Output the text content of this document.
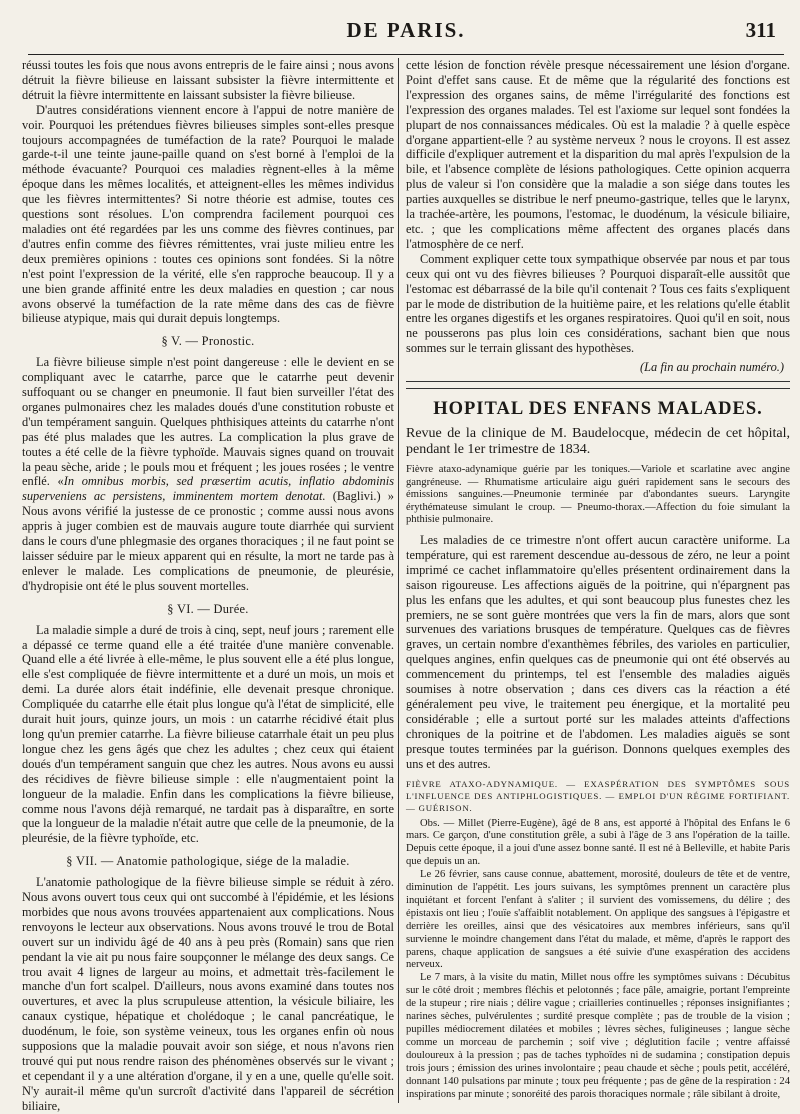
DE PARIS.	311

réussi toutes les fois que nous avons entrepris de le faire ainsi ; nous avons détruit la fièvre bilieuse en laissant subsister la fièvre intermittente et détruit la fièvre intermittente en laissant subsister la fièvre bilieuse.

D'autres considérations viennent encore à l'appui de notre manière de voir. Pourquoi les prétendues fièvres bilieuses simples sont-elles presque toujours accompagnées de tuméfaction de la rate? Pourquoi le malade garde-t-il une teinte jaune-paille quand on s'est borné à l'emploi de la méthode évacuante? Pourquoi ces maladies règnent-elles à la même époque dans les mêmes localités, et atteignent-elles les mêmes individus que les fièvres intermittentes? Si notre théorie est admise, toutes ces questions sont résolues. L'on comprendra facilement pourquoi ces maladies ont été regardées par les uns comme des fièvres continues, par d'autres enfin comme des fièvres rémittentes, vrai juste milieu entre les deux premières opinions : toutes ces opinions sont fondées. Si la nôtre n'est point l'expression de la vérité, elle s'en rapproche beaucoup. Il y a une bien grande affinité entre les deux maladies en question ; car nous avons observé la tuméfaction de la rate même dans des cas de fièvre bilieuse atypique, mais qui durait depuis longtemps.

§ V. — Pronostic.

La fièvre bilieuse simple n'est point dangereuse : elle le devient en se compliquant avec le catarrhe, parce que le catarrhe peut devenir suffoquant ou se changer en pneumonie. Il faut bien surveiller l'état des organes pulmonaires chez les malades doués d'une constitution robuste et d'un tempérament sanguin. Quelques phthisiques atteints du catarrhe n'ont pas été plus malades que les autres. La complication la plus grave de toutes a été celle de la fièvre typhoïde. Mauvais signes quand on trouvait la peau sèche, aride ; le pouls mou et fréquent ; les joues rosées ; le ventre enflé. «In omnibus morbis, sed præsertim acutis, inflatio abdominis superveniens ac persistens, imminentem mortem denotat. (Baglivi.) » Nous avons vérifié la justesse de ce pronostic ; comme aussi nous avons appris à juger combien est de mauvais augure toute diarrhée qui survient dans le cours d'une phlegmasie des organes thoraciques ; il ne faut point se laisser séduire par le mieux apparent qui en résulte, la mort ne tarde pas à enlever le malade. Les complications de pneumonie, de pleurésie, d'hydropisie ont été le plus souvent mortelles.

§ VI. — Durée.

La maladie simple a duré de trois à cinq, sept, neuf jours ; rarement elle a dépassé ce terme quand elle a été traitée d'une manière convenable. Quand elle a été livrée à elle-même, le plus souvent elle a été plus longue, elle s'est compliquée de fièvre intermittente et a duré un mois, un mois et demi. La durée alors était indéfinie, elle devenait presque chronique. Compliquée du catarrhe elle était plus longue qu'à l'état de simplicité, elle durait huit jours, quinze jours, un mois : un catarrhe récidivé était plus long qu'un premier catarrhe. La fièvre bilieuse catarrhale était un peu plus longue chez les gens âgés que chez les adultes ; chez ceux qui étaient doués d'un tempérament sanguin que chez les autres. Nous avons eu aussi des récidives de fièvre bilieuse simple : elle n'augmentaient point la longueur de la maladie. Enfin dans les complications la fièvre bilieuse, comme nous l'avons déjà remarqué, ne tardait pas à disparaître, en sorte que la longueur de la maladie n'était autre que celle de la pneumonie, de la pleurésie, de la fièvre typhoïde, etc.

§ VII. — Anatomie pathologique, siége de la maladie.

L'anatomie pathologique de la fièvre bilieuse simple se réduit à zéro. Nous avons ouvert tous ceux qui ont succombé à l'épidémie, et les lésions morbides que nous avons trouvées appartenaient aux complications. Nous renvoyons le lecteur aux observations. Nous avons trouvé le trou de Botal ouvert sur un individu âgé de 40 ans à peu près (Romain) sans que rien pendant la vie ait pu nous faire soupçonner le mélange des deux sangs. Ce trou avait 4 lignes de largeur au moins, et admettait très-facilement le manche d'un fort scalpel. D'ailleurs, nous avons examiné dans toutes nos ouvertures, et avec la plus scrupuleuse attention, la vésicule biliaire, les canaux cystique, hépatique et cholédoque ; le canal pancréatique, le duodénum, le foie, son système veineux, tous les organes enfin où nous supposions que la maladie pouvait avoir son siége, et nous n'avons rien trouvé qui put nous rendre raison des phénomènes observés sur le vivant ; et cependant il y a une altération d'organe, il y en a une, quelle qu'elle soit. N'y aurait-il même qu'un surcroît d'activité dans l'appareil de sécrétion biliaire,

cette lésion de fonction révèle presque nécessairement une lésion d'organe. Point d'effet sans cause. Et de même que la régularité des fonctions est l'expression des organes sains, de même l'irrégularité des fonctions est l'expression des organes malades. Tel est l'axiome sur lequel sont fondées la plupart de nos connaissances médicales. Où est la maladie ? à quelle espèce d'organe appartient-elle ? au système nerveux ? nous le croyons. Il est assez difficile d'expliquer autrement et la disparition du mal après l'expulsion de la bile, et l'absence complète de lésions pathologiques. Cette opinion acquerra plus de valeur si l'on considère que la maladie a son siége dans toutes les parties auxquelles se distribue le nerf pneumo-gastrique, telles que le larynx, la trachée-artère, les poumons, l'estomac, le duodénum, la vésicule biliaire, etc. ; que les complications même affectent des organes placés dans l'atmosphère de ce nerf.

Comment expliquer cette toux sympathique observée par nous et par tous ceux qui ont vu des fièvres bilieuses ? Pourquoi disparaît-elle aussitôt que l'estomac est débarrassé de la bile qu'il contenait ? Tous ces faits s'expliquent par le mode de distribution de la huitième paire, et les relations qu'elle établit entre les organes digestifs et les organes respiratoires. Quoi qu'il en soit, nous ne pousserons pas plus loin ces considérations, sachant bien que nous sommes sur le terrain glissant des hypothèses.

(La fin au prochain numéro.)
HOPITAL DES ENFANS MALADES.

Revue de la clinique de M. Baudelocque, médecin de cet hôpital, pendant le 1er trimestre de 1834.

Fièvre ataxo-adynamique guérie par les toniques.—Variole et scarlatine avec angine gangréneuse. — Rhumatisme articulaire aigu guéri rapidement sans le secours des émissions sanguines.—Pneumonie terminée par d'abondantes sueurs. Laryngite érythémateuse simulant le croup. — Pneumo-thorax.—Affection du foie simulant la phthisie pulmonaire.

Les maladies de ce trimestre n'ont offert aucun caractère uniforme. La température, qui est rarement descendue au-dessous de zéro, ne leur a point imprimé ce cachet inflammatoire qu'elles présentent ordinairement dans la saison rigoureuse. Les affections aiguës de la poitrine, qui n'épargnent pas plus les enfans que les adultes, et qui sont beaucoup plus funestes chez les premiers, ne se sont guère montrées que vers la fin de mars, alors que sont survenues des variations brusques de température. Quelques cas de fièvres graves, un certain nombre d'exanthèmes fébriles, des varioles en particulier, quelques angines, enfin quelques cas de pneumonie qui ont été observés au commencement du printemps, tel est l'ensemble des maladies aiguës soumises à notre observation ; dans ces divers cas la réaction a été généralement peu vive, le traitement peu énergique, et la mortalité peu considérable ; elle a surtout porté sur les malades atteints d'affections chroniques de la poitrine et de l'abdomen. Les maladies aiguës se sont presque toutes terminées par la guérison. Donnons quelques exemples des uns et des autres.

FIÈVRE ATAXO-ADYNAMIQUE. — EXASPÉRATION DES SYMPTÔMES SOUS L'INFLUENCE DES ANTIPHLOGISTIQUES. — EMPLOI D'UN RÉGIME FORTIFIANT. — GUÉRISON.

Obs. — Millet (Pierre-Eugène), âgé de 8 ans, est apporté à l'hôpital des Enfans le 6 mars. Ce garçon, d'une constitution grêle, a subi à l'âge de 3 ans l'opération de la taille. Depuis cette époque, il a joui d'une assez bonne santé. Il est né à Belleville, et habite Paris que depuis un an.

Le 26 février, sans cause connue, abattement, morosité, douleurs de tête et de ventre, diminution de l'appétit. Les jours suivans, les symptômes prennent un caractère plus inquiétant et forcent l'enfant à s'aliter ; il survient des vomissemens, du délire ; des épistaxis ont lieu ; l'ouïe s'affaiblit notablement. On applique des sangsues à l'épigastre et derrière les oreilles, ainsi que des vésicatoires aux membres inférieurs, sans qu'il survienne le moindre changement dans l'état du malade, et même, d'après le rapport des parens, chaque application de sangsues a été suivie d'une exaspération des accidens nerveux.

Le 7 mars, à la visite du matin, Millet nous offre les symptômes suivans : Décubitus sur le côté droit ; membres fléchis et pelotonnés ; face pâle, amaigrie, portant l'empreinte de la stupeur ; rire niais ; délire vague ; criailleries continuelles ; réponses insignifiantes ; narines sèches, pulvérulentes ; surdité presque complète ; pas de trouble de la vision ; pupilles médiocrement dilatées et mobiles ; lèvres sèches, fuligineuses ; langue sèche comme un morceau de parchemin ; soif vive ; déglutition facile ; ventre affaissé douloureux à la pression ; pas de taches typhoïdes ni de sudamina ; constipation depuis trois jours ; émission des urines involontaire ; peau chaude et sèche ; pouls petit, accéléré, donnant 140 pulsations par minute ; toux peu fréquente ; pas de gêne de la respiration : 24 inspirations par minute ; sonoréité des parois thoraciques normale ; râle sibilant à droite,
